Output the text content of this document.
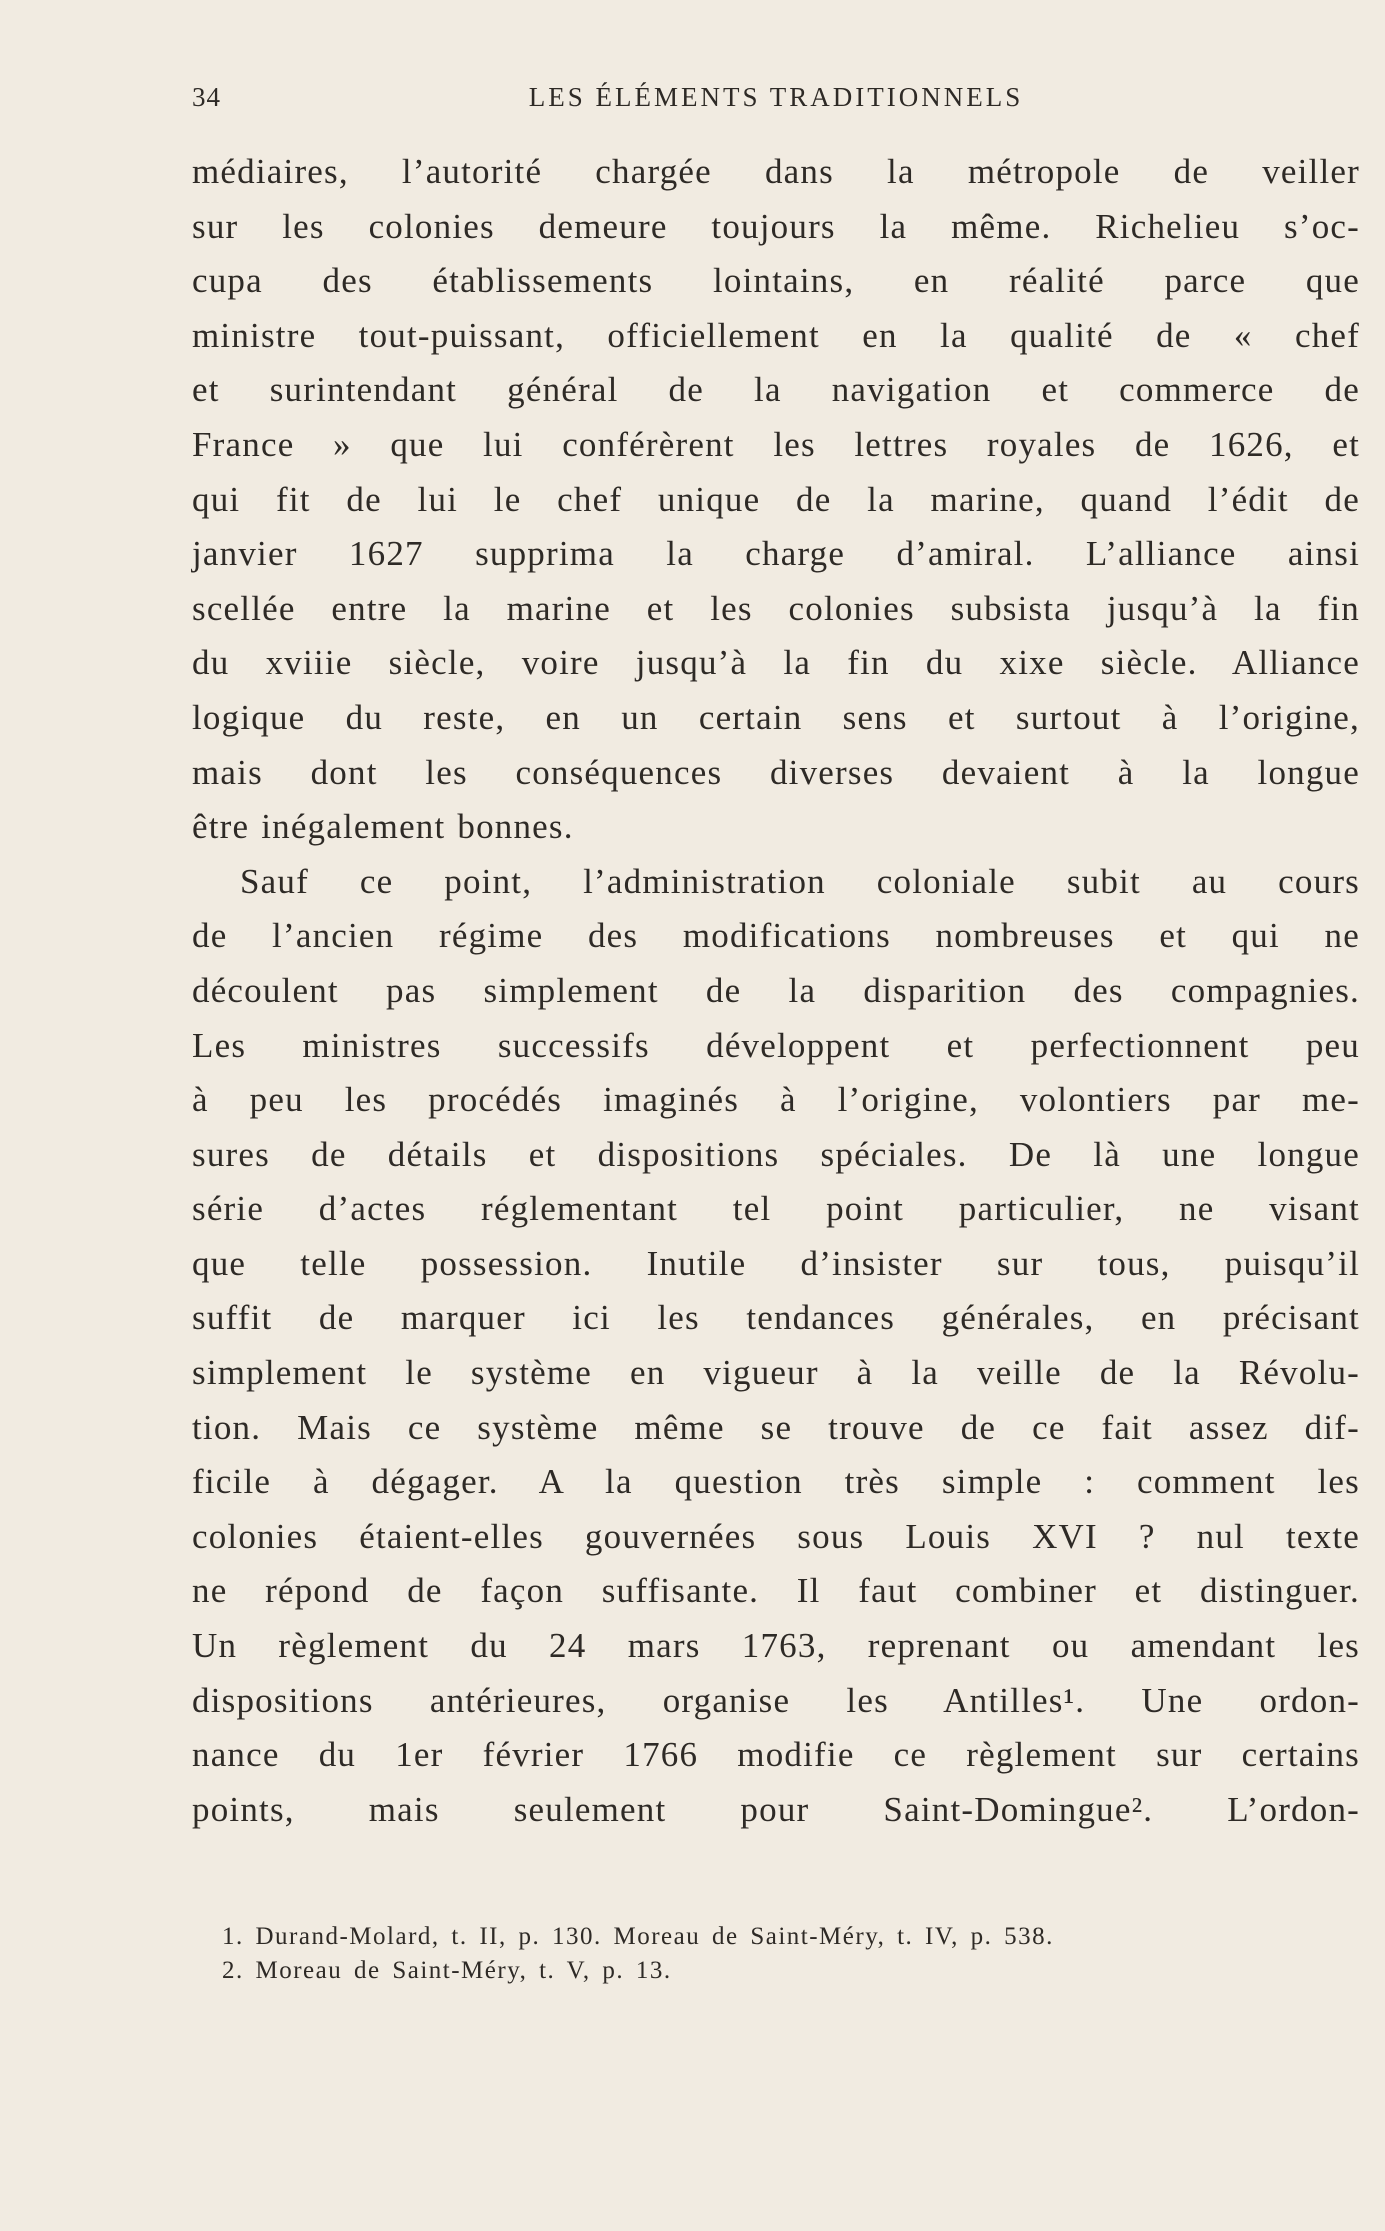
34	LES ÉLÉMENTS TRADITIONNELS
médiaires, l’autorité chargée dans la métropole de veiller
sur les colonies demeure toujours la même. Richelieu s’oc-
cupa des établissements lointains, en réalité parce que
ministre tout-puissant, officiellement en la qualité de « chef
et surintendant général de la navigation et commerce de
France » que lui conférèrent les lettres royales de 1626, et
qui fit de lui le chef unique de la marine, quand l’édit de
janvier 1627 supprima la charge d’amiral. L’alliance ainsi
scellée entre la marine et les colonies subsista jusqu’à la fin
du xviiie siècle, voire jusqu’à la fin du xixe siècle. Alliance
logique du reste, en un certain sens et surtout à l’origine,
mais dont les conséquences diverses devaient à la longue
être inégalement bonnes.
Sauf ce point, l’administration coloniale subit au cours
de l’ancien régime des modifications nombreuses et qui ne
découlent pas simplement de la disparition des compagnies.
Les ministres successifs développent et perfectionnent peu
à peu les procédés imaginés à l’origine, volontiers par me-
sures de détails et dispositions spéciales. De là une longue
série d’actes réglementant tel point particulier, ne visant
que telle possession. Inutile d’insister sur tous, puisqu’il
suffit de marquer ici les tendances générales, en précisant
simplement le système en vigueur à la veille de la Révolu-
tion. Mais ce système même se trouve de ce fait assez dif-
ficile à dégager. A la question très simple : comment les
colonies étaient-elles gouvernées sous Louis XVI ? nul texte
ne répond de façon suffisante. Il faut combiner et distinguer.
Un règlement du 24 mars 1763, reprenant ou amendant les
dispositions antérieures, organise les Antilles¹. Une ordon-
nance du 1er février 1766 modifie ce règlement sur certains
points, mais seulement pour Saint-Domingue². L’ordon-
1. Durand-Molard, t. II, p. 130. Moreau de Saint-Méry, t. IV, p. 538.
2. Moreau de Saint-Méry, t. V, p. 13.
